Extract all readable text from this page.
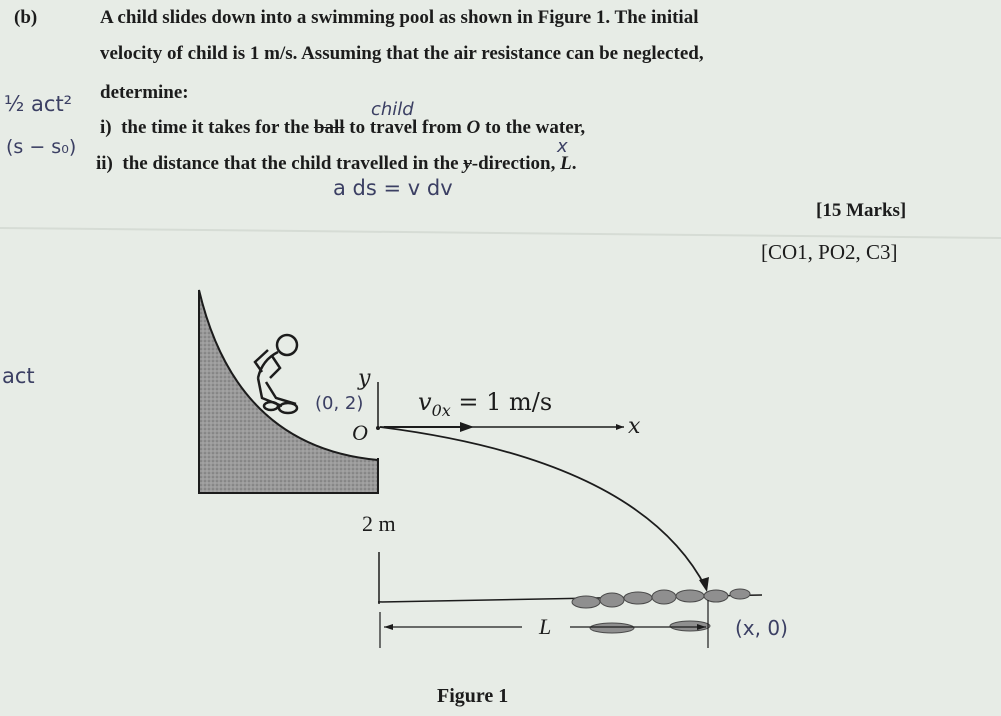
(b)	A child slides down into a swimming pool as shown in Figure 1. The initial
velocity of child is 1 m/s. Assuming that the air resistance can be neglected,
determine:
i) the time it takes for the ball to travel from O to the water,
ii) the distance that the child travelled in the y-direction, L.
[15 Marks]
[CO1, PO2, C3]
½ act²
(s − s₀)
child
x
a ds = v dv
act
(0, 2)
(x, 0)
y
O	x
$v_{0x} = 1$ m/s
2 m
L
Figure 1
